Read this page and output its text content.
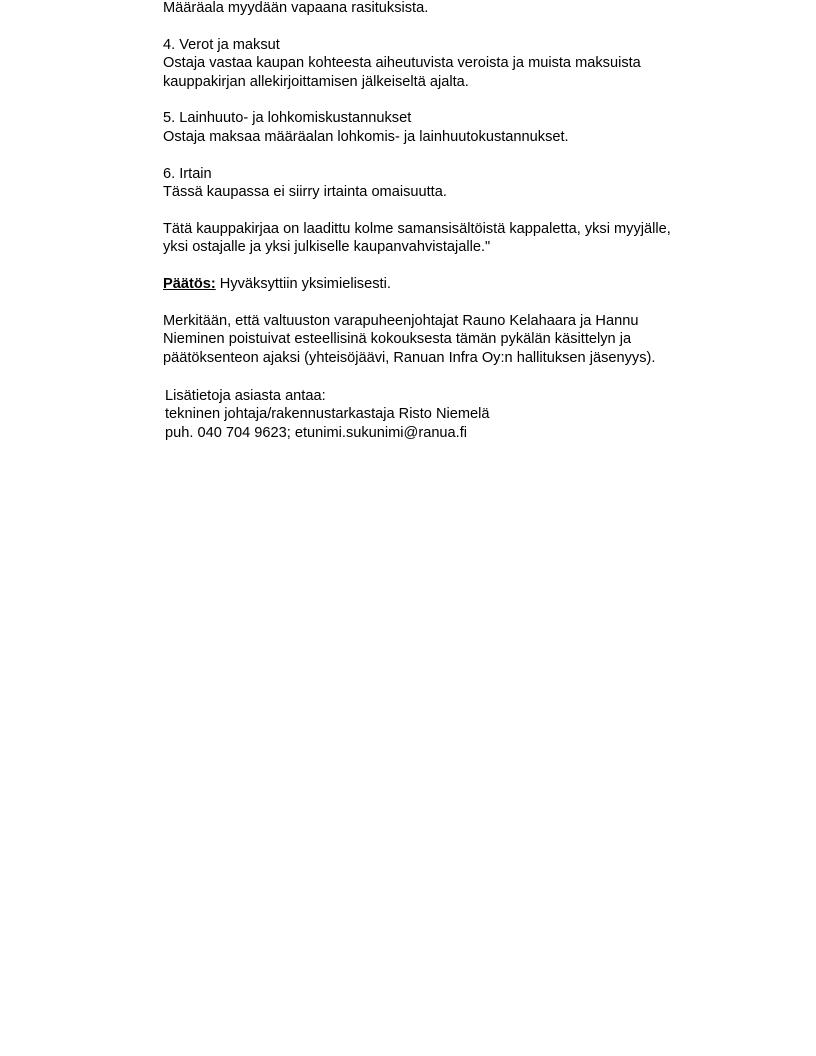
Määräala myydään vapaana rasituksista.
4. Verot ja maksut
Ostaja vastaa kaupan kohteesta aiheutuvista veroista ja muista maksuista
kauppakirjan allekirjoittamisen jälkeiseltä ajalta.
5. Lainhuuto- ja lohkomiskustannukset
Ostaja maksaa määräalan lohkomis- ja lainhuutokustannukset.
6. Irtain
Tässä kaupassa ei siirry irtainta omaisuutta.
Tätä kauppakirjaa on laadittu kolme samansisältöistä kappaletta, yksi myyjälle,
yksi ostajalle ja yksi julkiselle kaupanvahvistajalle."
Päätös: Hyväksyttiin yksimielisesti.
Merkitään, että valtuuston varapuheenjohtajat Rauno Kelahaara ja Hannu
Nieminen poistuivat esteellisinä kokouksesta tämän pykälän käsittelyn ja
päätöksenteon ajaksi (yhteisöjäävi, Ranuan Infra Oy:n hallituksen jäsenyys).
Lisätietoja asiasta antaa:
tekninen johtaja/rakennustarkastaja Risto Niemelä
puh. 040 704 9623; etunimi.sukunimi@ranua.fi
